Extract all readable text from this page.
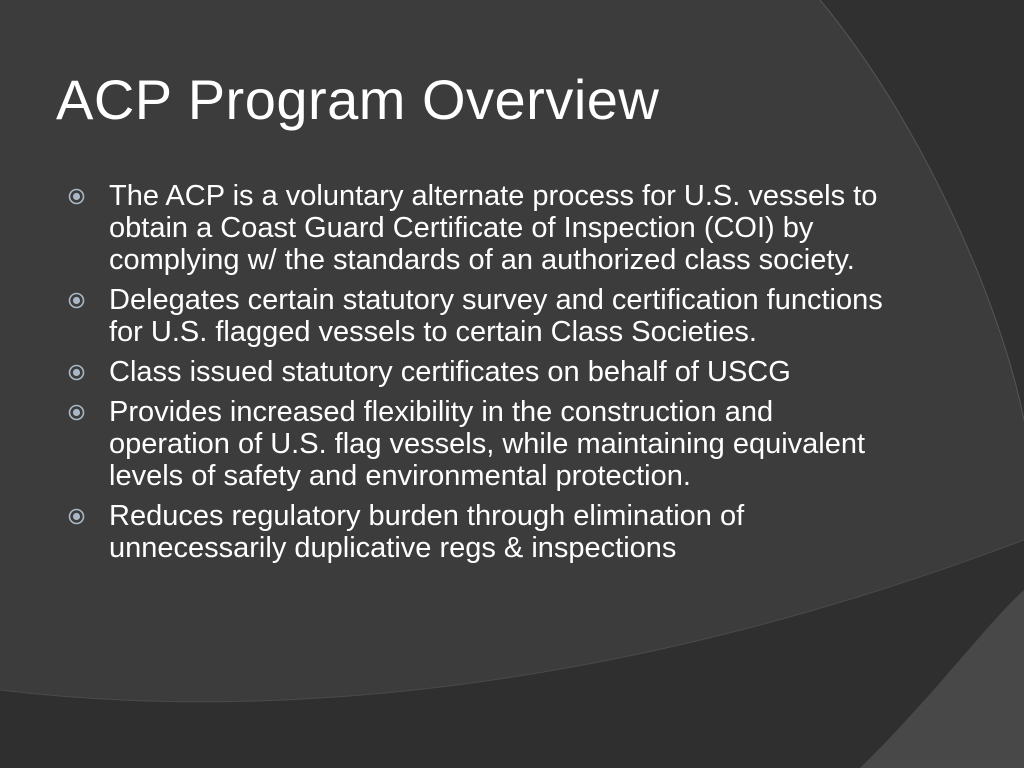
ACP Program Overview
The ACP is a voluntary alternate process for U.S. vessels to obtain a Coast Guard Certificate of Inspection (COI) by complying w/ the standards of an authorized class society.
Delegates certain statutory survey and certification functions for U.S. flagged vessels to certain Class Societies.
Class issued statutory certificates on behalf of USCG
Provides increased flexibility in the construction and operation of U.S. flag vessels, while maintaining equivalent levels of safety and environmental protection.
Reduces regulatory burden through elimination of unnecessarily duplicative regs & inspections
